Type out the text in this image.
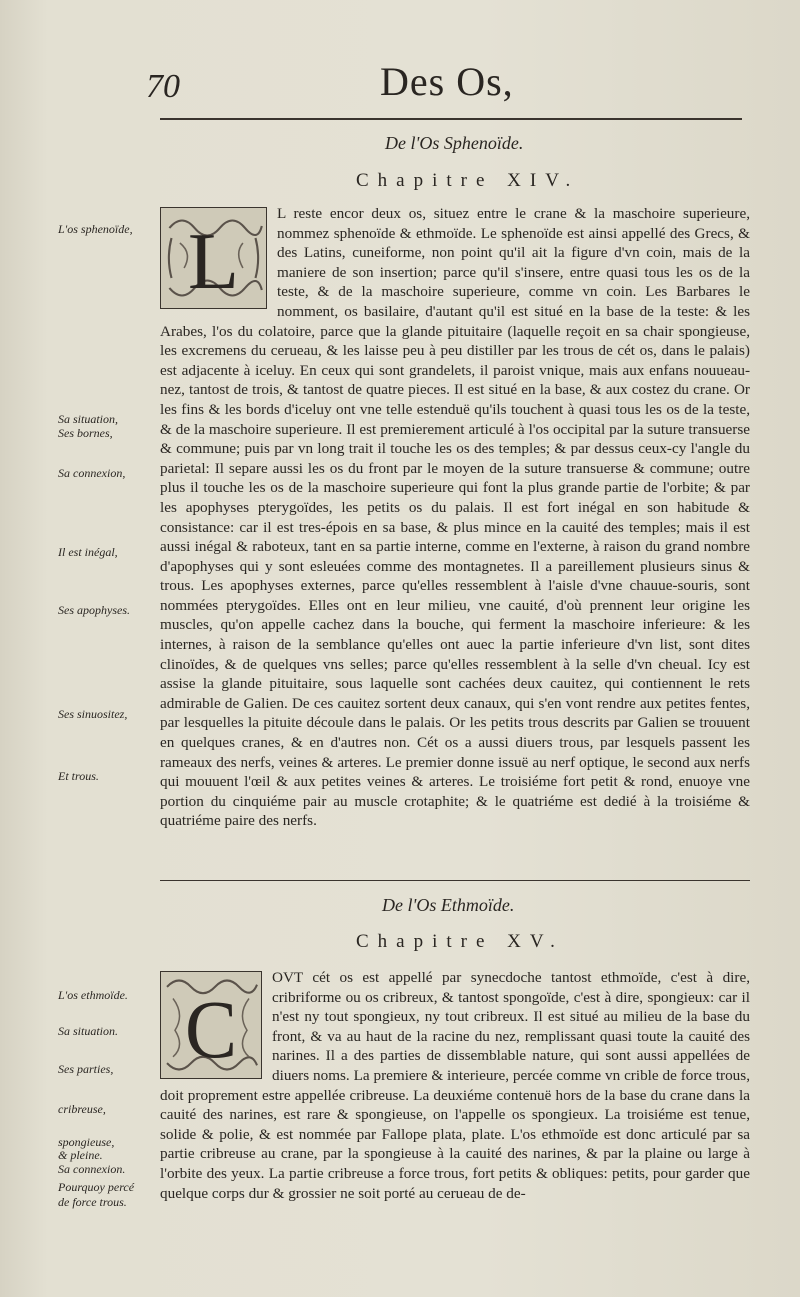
70	Des Os,
De l'Os Sphenoïde.
Chapitre XIV.
L'os sphenoïde,
Sa situation,
Ses bornes,
Sa connexion,
Il est inégal,
Ses apophyses.
Ses sinuositez,
Et trous.
L

L reste encor deux os, situez entre le crane & la maschoire superieure, nommez sphenoïde & ethmoïde. Le sphenoïde est ainsi appellé des Grecs, & des Latins, cuneiforme, non point qu'il ait la figure d'vn coin, mais de la maniere de son insertion; parce qu'il s'insere, entre quasi tous les os de la teste, & de la maschoire superieure, comme vn coin. Les Barbares le nomment, os basilaire, d'autant qu'il est situé en la base de la teste: & les Arabes, l'os du colatoire, parce que la glande pituitaire (laquelle reçoit en sa chair spongieuse, les excremens du cerueau, & les laisse peu à peu distiller par les trous de cét os, dans le palais) est adjacente à iceluy. En ceux qui sont grandelets, il paroist vnique, mais aux enfans nouueau-nez, tantost de trois, & tantost de quatre pieces. Il est situé en la base, & aux costez du crane. Or les fins & les bords d'iceluy ont vne telle estenduë qu'ils touchent à quasi tous les os de la teste, & de la maschoire superieure. Il est premierement articulé à l'os occipital par la suture transuerse & commune; puis par vn long trait il touche les os des temples; & par dessus ceux-cy l'angle du parietal: Il separe aussi les os du front par le moyen de la suture transuerse & commune; outre plus il touche les os de la maschoire superieure qui font la plus grande partie de l'orbite; & par les apophyses pterygoïdes, les petits os du palais. Il est fort inégal en son habitude & consistance: car il est tres-épois en sa base, & plus mince en la cauité des temples; mais il est aussi inégal & raboteux, tant en sa partie interne, comme en l'externe, à raison du grand nombre d'apophyses qui y sont esleuées comme des montagnetes. Il a pareillement plusieurs sinus & trous. Les apophyses externes, parce qu'elles ressemblent à l'aisle d'vne chauue-souris, sont nommées pterygoïdes. Elles ont en leur milieu, vne cauité, d'où prennent leur origine les muscles, qu'on appelle cachez dans la bouche, qui ferment la maschoire inferieure: & les internes, à raison de la semblance qu'elles ont auec la partie inferieure d'vn list, sont dites clinoïdes, & de quelques vns selles; parce qu'elles ressemblent à la selle d'vn cheual. Icy est assise la glande pituitaire, sous laquelle sont cachées deux cauitez, qui contiennent le rets admirable de Galien. De ces cauitez sortent deux canaux, qui s'en vont rendre aux petites fentes, par lesquelles la pituite découle dans le palais. Or les petits trous descrits par Galien se trouuent en quelques cranes, & en d'autres non. Cét os a aussi diuers trous, par lesquels passent les rameaux des nerfs, veines & arteres. Le premier donne issuë au nerf optique, le second aux nerfs qui mouuent l'œil & aux petites veines & arteres. Le troisiéme fort petit & rond, enuoye vne portion du cinquiéme pair au muscle crotaphite; & le quatriéme est dedié à la troisiéme & quatriéme paire des nerfs.

De l'Os Ethmoïde.
Chapitre XV.
L'os ethmoïde.
Sa situation.
Ses parties,
cribreuse,
spongieuse,
& pleine.
Sa connexion.
Pourquoy percé
de force trous.
C

OVT cét os est appellé par synecdoche tantost ethmoïde, c'est à dire, cribriforme ou os cribreux, & tantost spongoïde, c'est à dire, spongieux: car il n'est ny tout spongieux, ny tout cribreux. Il est situé au milieu de la base du front, & va au haut de la racine du nez, remplissant quasi toute la cauité des narines. Il a des parties de dissemblable nature, qui sont aussi appellées de diuers noms. La premiere & interieure, percée comme vn crible de force trous, doit proprement estre appellée cribreuse. La deuxiéme contenuë hors de la base du crane dans la cauité des narines, est rare & spongieuse, on l'appelle os spongieux. La troisiéme est tenue, solide & polie, & est nommée par Fallope plata, plate. L'os ethmoïde est donc articulé par sa partie cribreuse au crane, par la spongieuse à la cauité des narines, & par la plaine ou large à l'orbite des yeux. La partie cribreuse a force trous, fort petits & obliques: petits, pour garder que quelque corps dur & grossier ne soit porté au cerueau de de-
